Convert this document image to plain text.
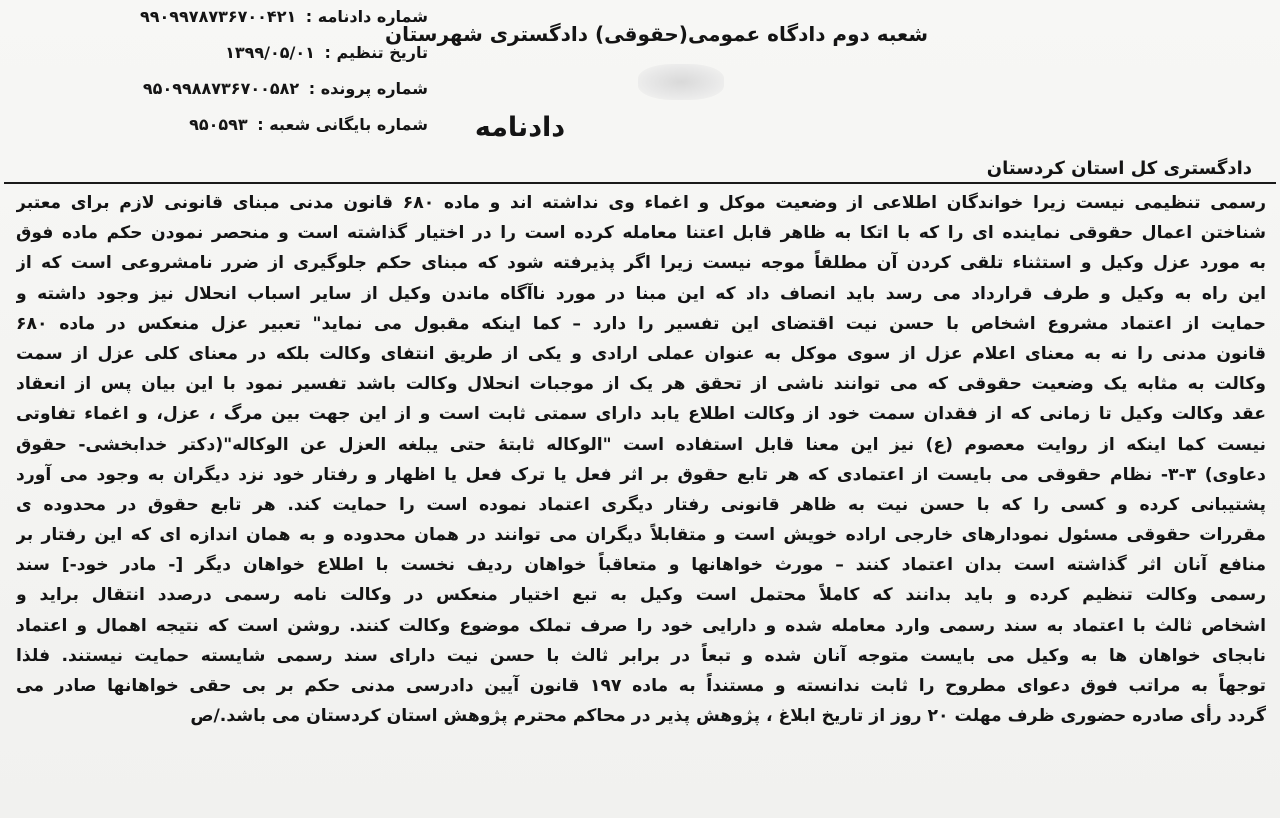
شماره دادنامه : ۹۹۰۹۹۷۸۷۳۶۷۰۰۴۲۱
تاریخ تنظیم : ۱۳۹۹/۰۵/۰۱
شماره پرونده : ۹۵۰۹۹۸۸۷۳۶۷۰۰۵۸۲
شماره بایگانی شعبه : ۹۵۰۵۹۳
شعبه دوم دادگاه عمومی(حقوقی) دادگستری شهرستان
دادنامه
دادگستری کل استان کردستان
رسمی تنظیمی نیست زیرا خواندگان اطلاعی از وضعیت موکل و اغماء وی نداشته اند و ماده ۶۸۰ قانون مدنی مبنای قانونی لازم برای معتبر
شناختن اعمال حقوقی نماینده ای را که با اتکا به ظاهر قابل اعتنا معامله کرده است را در اختیار گذاشته است و منحصر نمودن حکم ماده فوق
به مورد عزل وکیل و استثناء تلقی کردن آن مطلقاً موجه نیست زیرا اگر پذیرفته شود که مبنای حکم جلوگیری از ضرر نامشروعی است که از
این راه به وکیل و طرف قرارداد می رسد باید انصاف داد که این مبنا در مورد ناآگاه ماندن وکیل از سایر اسباب انحلال نیز وجود داشته و
حمایت از اعتماد مشروع اشخاص با حسن نیت اقتضای این تفسیر را دارد – کما اینکه مقبول می نماید" تعبیر عزل منعکس در ماده ۶۸۰
قانون مدنی را نه به معنای اعلام عزل از سوی موکل به عنوان عملی ارادی و یکی از طریق انتفای وکالت بلکه در معنای کلی عزل از سمت
وکالت به مثابه یک وضعیت حقوقی که می توانند ناشی از تحقق هر یک از موجبات انحلال وکالت باشد تفسیر نمود با این بیان پس از انعقاد
عقد وکالت وکیل تا زمانی که از فقدان سمت خود از وکالت اطلاع یابد دارای سمتی ثابت است و از این جهت بین مرگ ، عزل، و اغماء تفاوتی
نیست کما اینکه از روایت معصوم (ع) نیز این معنا قابل استفاده است "الوکاله ثابتهٔ حتی یبلغه العزل عن الوکاله"(دکتر خدابخشی- حقوق
دعاوی) ۳-۳- نظام حقوقی می بایست از اعتمادی که هر تابع حقوق بر اثر فعل یا ترک فعل یا اظهار و رفتار خود نزد دیگران به وجود می آورد
پشتیبانی کرده و کسی را که با حسن نیت به ظاهر قانونی رفتار دیگری اعتماد نموده است را حمایت کند. هر تابع حقوق در محدوده ی
مقررات حقوقی مسئول نمودارهای خارجی اراده خویش است و متقابلاً دیگران می توانند در همان محدوده و به همان اندازه ای که این رفتار بر
منافع آنان اثر گذاشته است بدان اعتماد کنند – مورث خواهانها و متعاقباً خواهان ردیف نخست با اطلاع خواهان دیگر [- مادر خود-] سند
رسمی وکالت تنظیم کرده و باید بدانند که کاملاً محتمل است وکیل به تبع اختیار منعکس در وکالت نامه رسمی درصدد انتقال براید و
اشخاص ثالث با اعتماد به سند رسمی وارد معامله شده و دارایی خود را صرف تملک موضوع وکالت کنند. روشن است که نتیجه اهمال و اعتماد
نابجای خواهان ها به وکیل می بایست متوجه آنان شده و تبعاً در برابر ثالث با حسن نیت دارای سند رسمی شایسته حمایت نیستند. فلذا
توجهاً به مراتب فوق دعوای مطروح را ثابت ندانسته و مستنداً به ماده ۱۹۷ قانون آیین دادرسی مدنی حکم بر بی حقی خواهانها صادر می
گردد رأی صادره حضوری ظرف مهلت ۲۰ روز از تاریخ ابلاغ ، پژوهش پذیر در محاکم محترم پژوهش استان کردستان می باشد./ص
